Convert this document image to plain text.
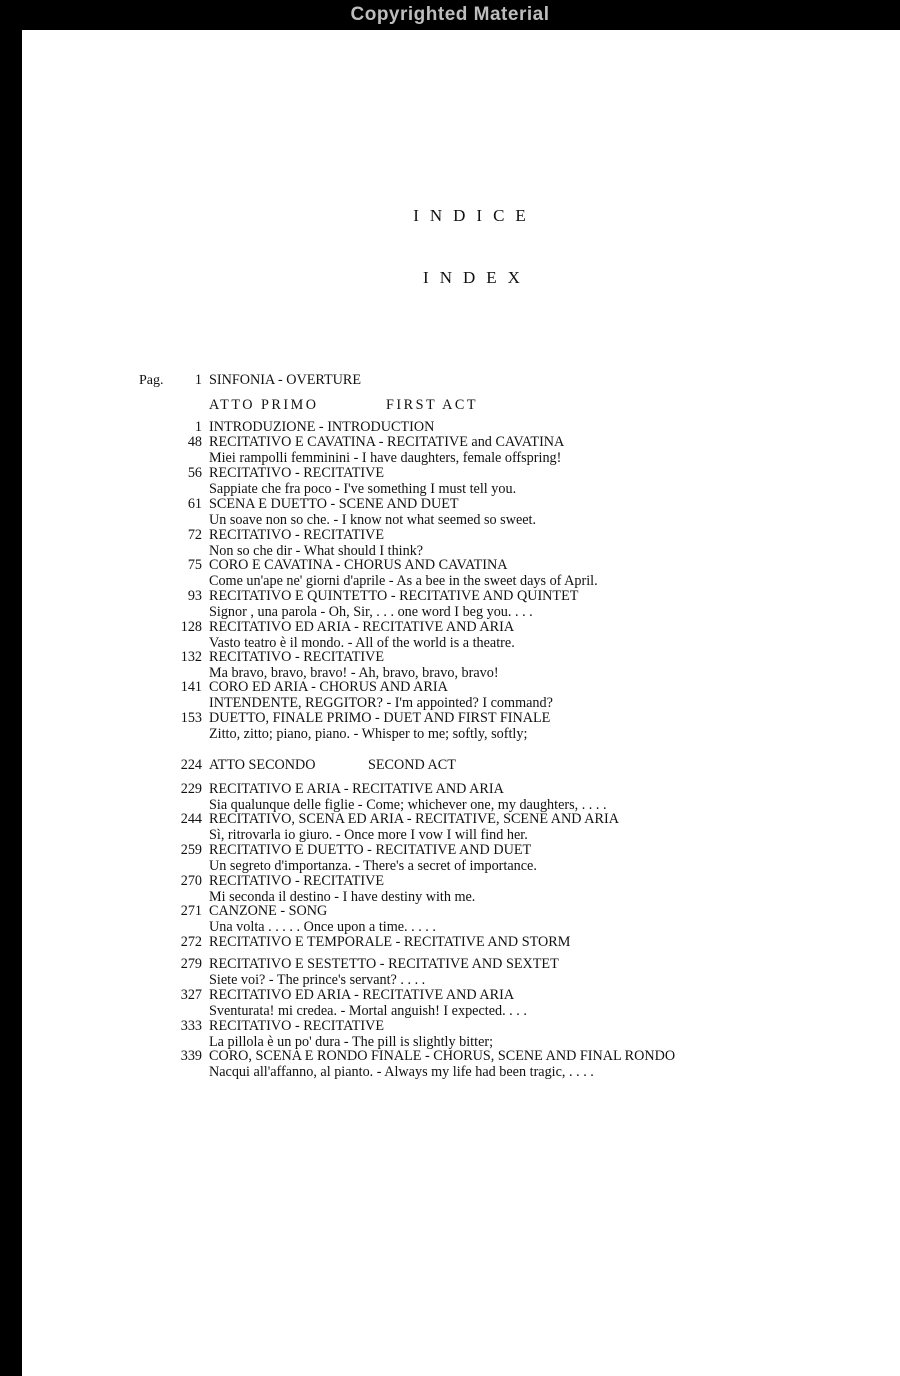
Copyrighted Material
INDICE
INDEX
Pag.	1 SINFONIA - OVERTURE
ATTO PRIMO	FIRST ACT
1 INTRODUZIONE - INTRODUCTION
48 RECITATIVO E CAVATINA - RECITATIVE and CAVATINA
Miei rampolli femminini - I have daughters, female offspring!
56 RECITATIVO - RECITATIVE
Sappiate che fra poco - I've something I must tell you.
61 SCENA E DUETTO - SCENE AND DUET
Un soave non so che. - I know not what seemed so sweet.
72 RECITATIVO - RECITATIVE
Non so che dir - What should I think?
75 CORO E CAVATINA - CHORUS AND CAVATINA
Come un'ape ne' giorni d'aprile - As a bee in the sweet days of April.
93 RECITATIVO E QUINTETTO - RECITATIVE AND QUINTET
Signor , una parola - Oh, Sir, . . . one word I beg you. . . .
128 RECITATIVO ED ARIA - RECITATIVE AND ARIA
Vasto teatro è il mondo. - All of the world is a theatre.
132 RECITATIVO - RECITATIVE
Ma bravo, bravo, bravo! - Ah, bravo, bravo, bravo!
141 CORO ED ARIA - CHORUS AND ARIA
INTENDENTE, REGGITOR? - I'm appointed? I command?
153 DUETTO, FINALE PRIMO - DUET AND FIRST FINALE
Zitto, zitto; piano, piano. - Whisper to me; softly, softly;
224 ATTO SECONDO	SECOND ACT
229 RECITATIVO E ARIA - RECITATIVE AND ARIA
Sia qualunque delle figlie - Come; whichever one, my daughters, . . . .
244 RECITATIVO, SCENA ED ARIA - RECITATIVE, SCENE AND ARIA
Sì, ritrovarla io giuro. - Once more I vow I will find her.
259 RECITATIVO E DUETTO - RECITATIVE AND DUET
Un segreto d'importanza. - There's a secret of importance.
270 RECITATIVO - RECITATIVE
Mi seconda il destino - I have destiny with me.
271 CANZONE - SONG
Una volta . . . . . Once upon a time. . . . .
272 RECITATIVO E TEMPORALE - RECITATIVE AND STORM
279 RECITATIVO E SESTETTO - RECITATIVE AND SEXTET
Siete voi? - The prince's servant? . . . .
327 RECITATIVO ED ARIA - RECITATIVE AND ARIA
Sventurata! mi credea. - Mortal anguish! I expected. . . .
333 RECITATIVO - RECITATIVE
La pillola è un po' dura - The pill is slightly bitter;
339 CORO, SCENA E RONDO FINALE - CHORUS, SCENE AND FINAL RONDO
Nacqui all'affanno, al pianto. - Always my life had been tragic, . . . .
